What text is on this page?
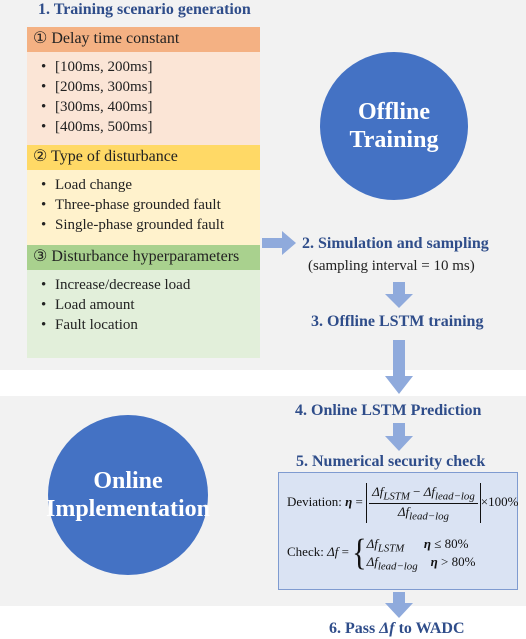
1. Training scenario generation
① Delay time constant
• [100ms, 200ms]
• [200ms, 300ms]
• [300ms, 400ms]
• [400ms, 500ms]
② Type of disturbance
• Load change
• Three-phase grounded fault
• Single-phase grounded fault
③ Disturbance hyperparameters
• Increase/decrease load
• Load amount
• Fault location
Offline
Training
2. Simulation and sampling
(sampling interval = 10 ms)
3. Offline LSTM training
Online
Implementation
4. Online LSTM Prediction
5. Numerical security check
Deviation: $\eta = \frac{\Delta f_{LSTM} - \Delta f_{lead-log}}{\Delta f_{lead-log}} \times 100\%$
Check: Δf = { $\Delta f_{LSTM}$ η ≤ 80%
$\Delta f_{lead-log}$ η > 80%
6. Pass Δf to WADC
